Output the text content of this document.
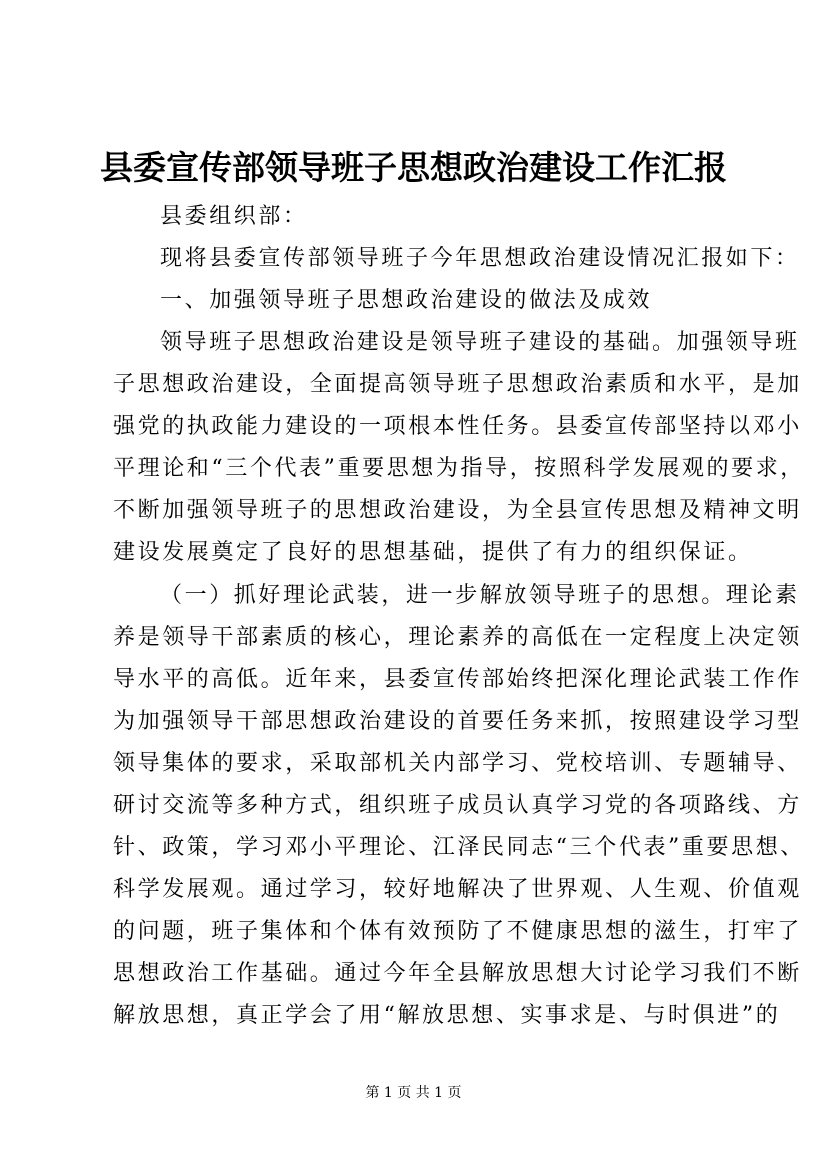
县委宣传部领导班子思想政治建设工作汇报
县委组织部：
现将县委宣传部领导班子今年思想政治建设情况汇报如下：
一、加强领导班子思想政治建设的做法及成效
领导班子思想政治建设是领导班子建设的基础。加强领导班
子思想政治建设，全面提高领导班子思想政治素质和水平，是加
强党的执政能力建设的一项根本性任务。县委宣传部坚持以邓小
平理论和“三个代表”重要思想为指导，按照科学发展观的要求，
不断加强领导班子的思想政治建设，为全县宣传思想及精神文明
建设发展奠定了良好的思想基础，提供了有力的组织保证。
（一）抓好理论武装，进一步解放领导班子的思想。理论素
养是领导干部素质的核心，理论素养的高低在一定程度上决定领
导水平的高低。近年来，县委宣传部始终把深化理论武装工作作
为加强领导干部思想政治建设的首要任务来抓，按照建设学习型
领导集体的要求，采取部机关内部学习、党校培训、专题辅导、
研讨交流等多种方式，组织班子成员认真学习党的各项路线、方
针、政策，学习邓小平理论、江泽民同志“三个代表”重要思想、
科学发展观。通过学习，较好地解决了世界观、人生观、价值观
的问题，班子集体和个体有效预防了不健康思想的滋生，打牢了
思想政治工作基础。通过今年全县解放思想大讨论学习我们不断
解放思想，真正学会了用“解放思想、实事求是、与时俱进”的
第 1 页 共 1 页
